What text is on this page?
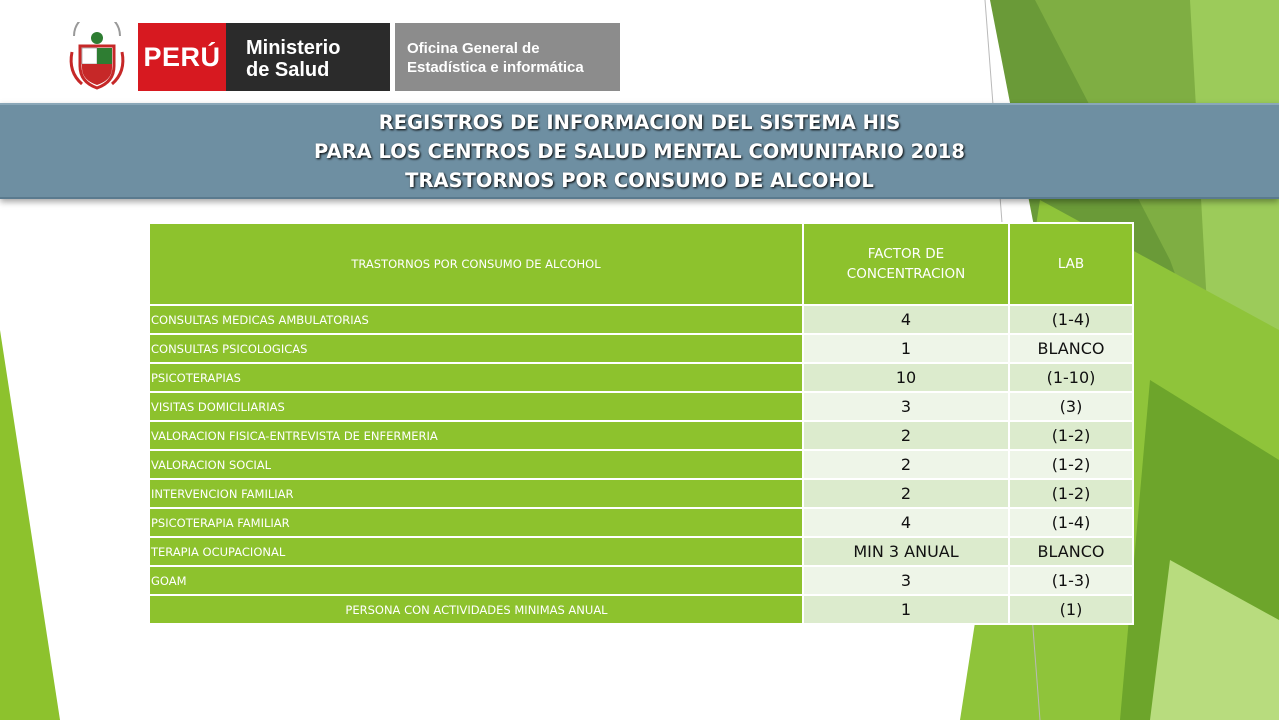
PERÚ Ministerio
de Salud
Oficina General de
Estadística e informática
REGISTROS DE INFORMACION DEL SISTEMA HIS
PARA LOS CENTROS DE SALUD MENTAL COMUNITARIO 2018
TRASTORNOS POR CONSUMO DE ALCOHOL
TRASTORNOS POR CONSUMO DE ALCOHOL	FACTOR DE CONCENTRACION	LAB
CONSULTAS MEDICAS AMBULATORIAS	4	(1-4)
CONSULTAS PSICOLOGICAS	1	BLANCO
PSICOTERAPIAS	10	(1-10)
VISITAS DOMICILIARIAS	3	(3)
VALORACION FISICA-ENTREVISTA DE ENFERMERIA	2	(1-2)
VALORACION SOCIAL	2	(1-2)
INTERVENCION FAMILIAR	2	(1-2)
PSICOTERAPIA FAMILIAR	4	(1-4)
TERAPIA OCUPACIONAL	MIN 3 ANUAL	BLANCO
GOAM	3	(1-3)
PERSONA CON ACTIVIDADES MINIMAS ANUAL	1	(1)
